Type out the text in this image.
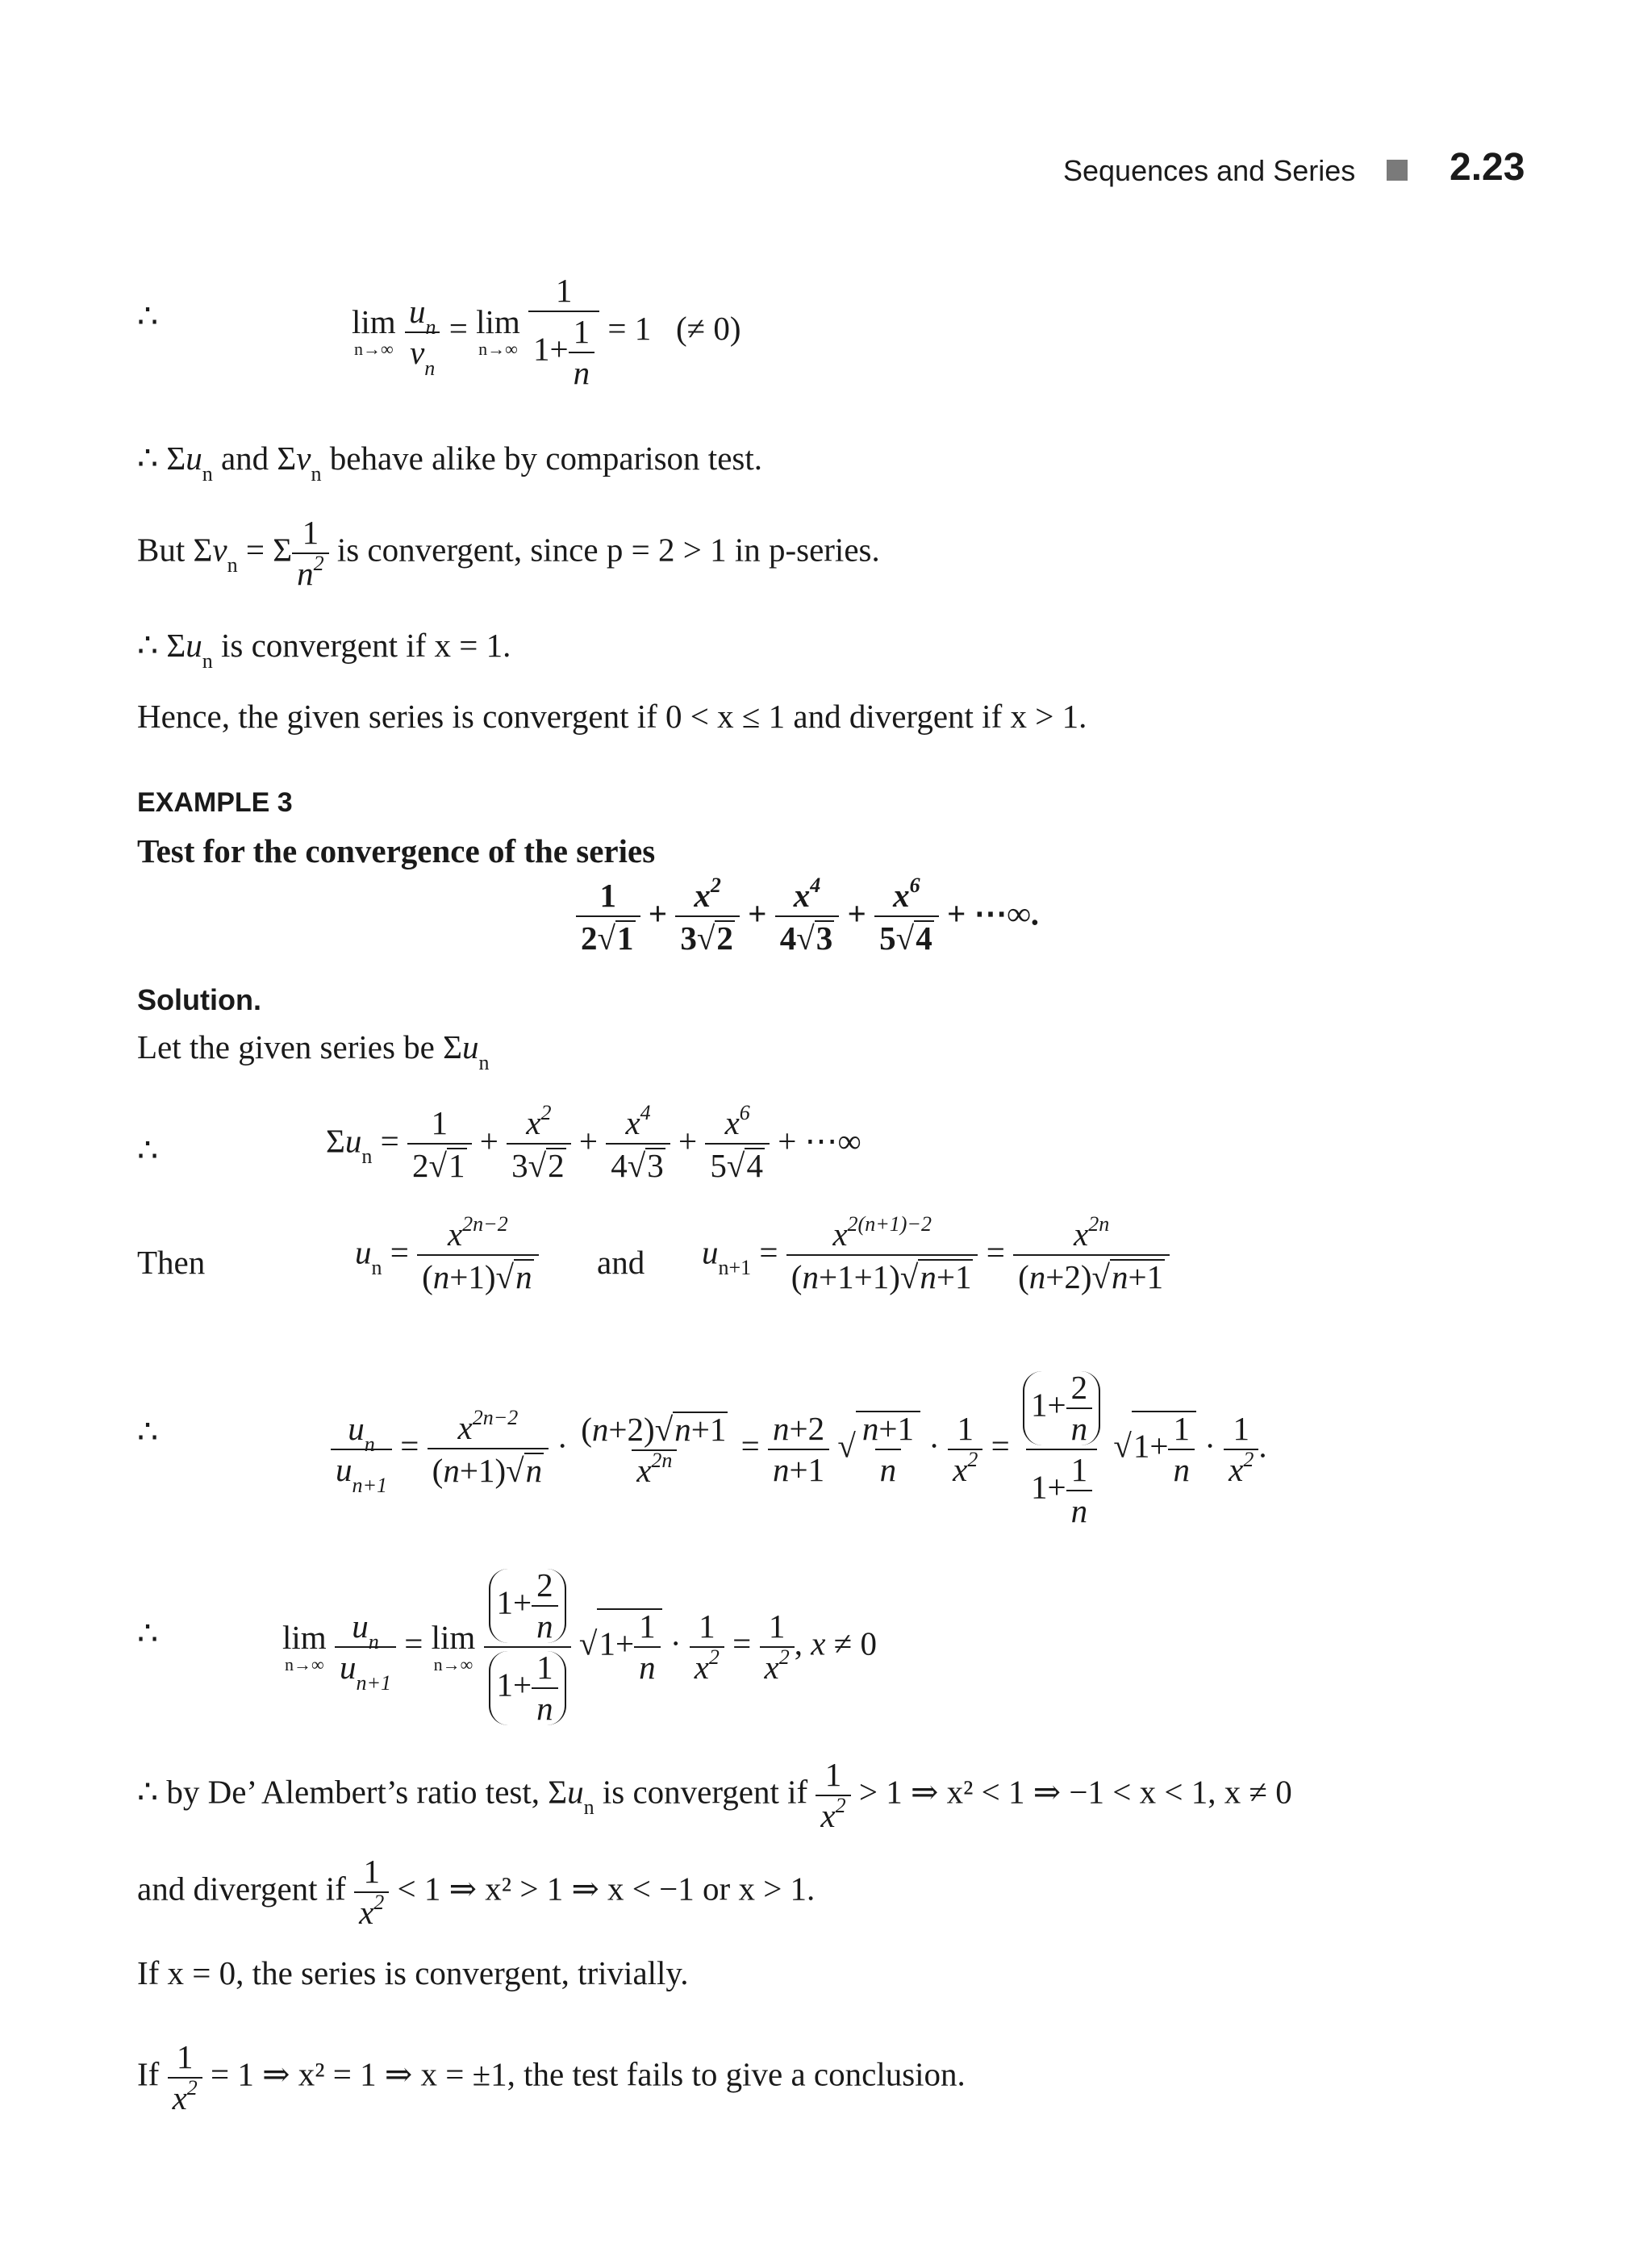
Sequences and Series 2.23
∴	lim
n→∞
$\frac{u_n}{v_n} = \lim$
n→∞
$\frac{1}{1+ \frac{1}{n}} = 1$   (≠ 0)
∴ $\Sigma u_n$ and $\Sigma v_n$ behave alike by comparison test.
But $\Sigma v_n = \Sigma \frac{1}{n^2}$ is convergent, since p = 2 > 1 in p-series.
∴ $\Sigma u_n$ is convergent if x = 1.
Hence, the given series is convergent if 0 < x ≤ 1 and divergent if x > 1.
EXAMPLE 3
Test for the convergence of the series
$\frac{1}{2√1} + \frac{x^2}{3√2} + \frac{x^4}{4√3} + \frac{x^6}{5√4}$ + ⋯∞.
Solution.
Let the given series be $\Sigma u_n$
∴	$\Sigma u_n = \frac{1}{2√1} + \frac{x^2}{3√2} + \frac{x^4}{4√3} + \frac{x^6}{5√4}$ + ⋯∞
Then	$u_n = \frac{x^{2n-2}}{(n+1)√n}$ and $u_{n+1} = \frac{x^{2(n+1)-2}}{(n+1+1)√n+1} = \frac{x^{2n}}{(n+2)√n+1}$
∴	$\frac{u_n}{u_{n+1}} = \frac{x^{2n-2}}{(n+1)√n} \cdot \frac{(n+2)√n+1}{x^{2n}} = \frac{n+2}{n+1}$ √ $\frac{n+1}{n} \cdot \frac{1}{x^2} = \frac{1+ \frac{2}{n}}{1+ \frac{1}{n}} √1+ \frac{1}{n} \cdot \frac{1}{x^2}$ .
∴	lim
n→∞
$\frac{u_n}{u_{n+1}} = \lim$
n→∞
$\frac{1+ \frac{2}{n}}{1+ \frac{1}{n}} √1+ \frac{1}{n} \cdot \frac{1}{x^2} = \frac{1}{x^2}$ , x ≠ 0
∴ by De’ Alembert’s ratio test, $\Sigma u_n$ is convergent if $\frac{1}{x^2} > 1$ ⇒ x² < 1 ⇒ −1 < x < 1, x ≠ 0
and divergent if $\frac{1}{x^2} < 1$ ⇒ x² > 1 ⇒ x < −1 or x > 1.
If x = 0, the series is convergent, trivially.
If $\frac{1}{x^2} = 1$ ⇒ x² = 1 ⇒ x = ±1, the test fails to give a conclusion.
